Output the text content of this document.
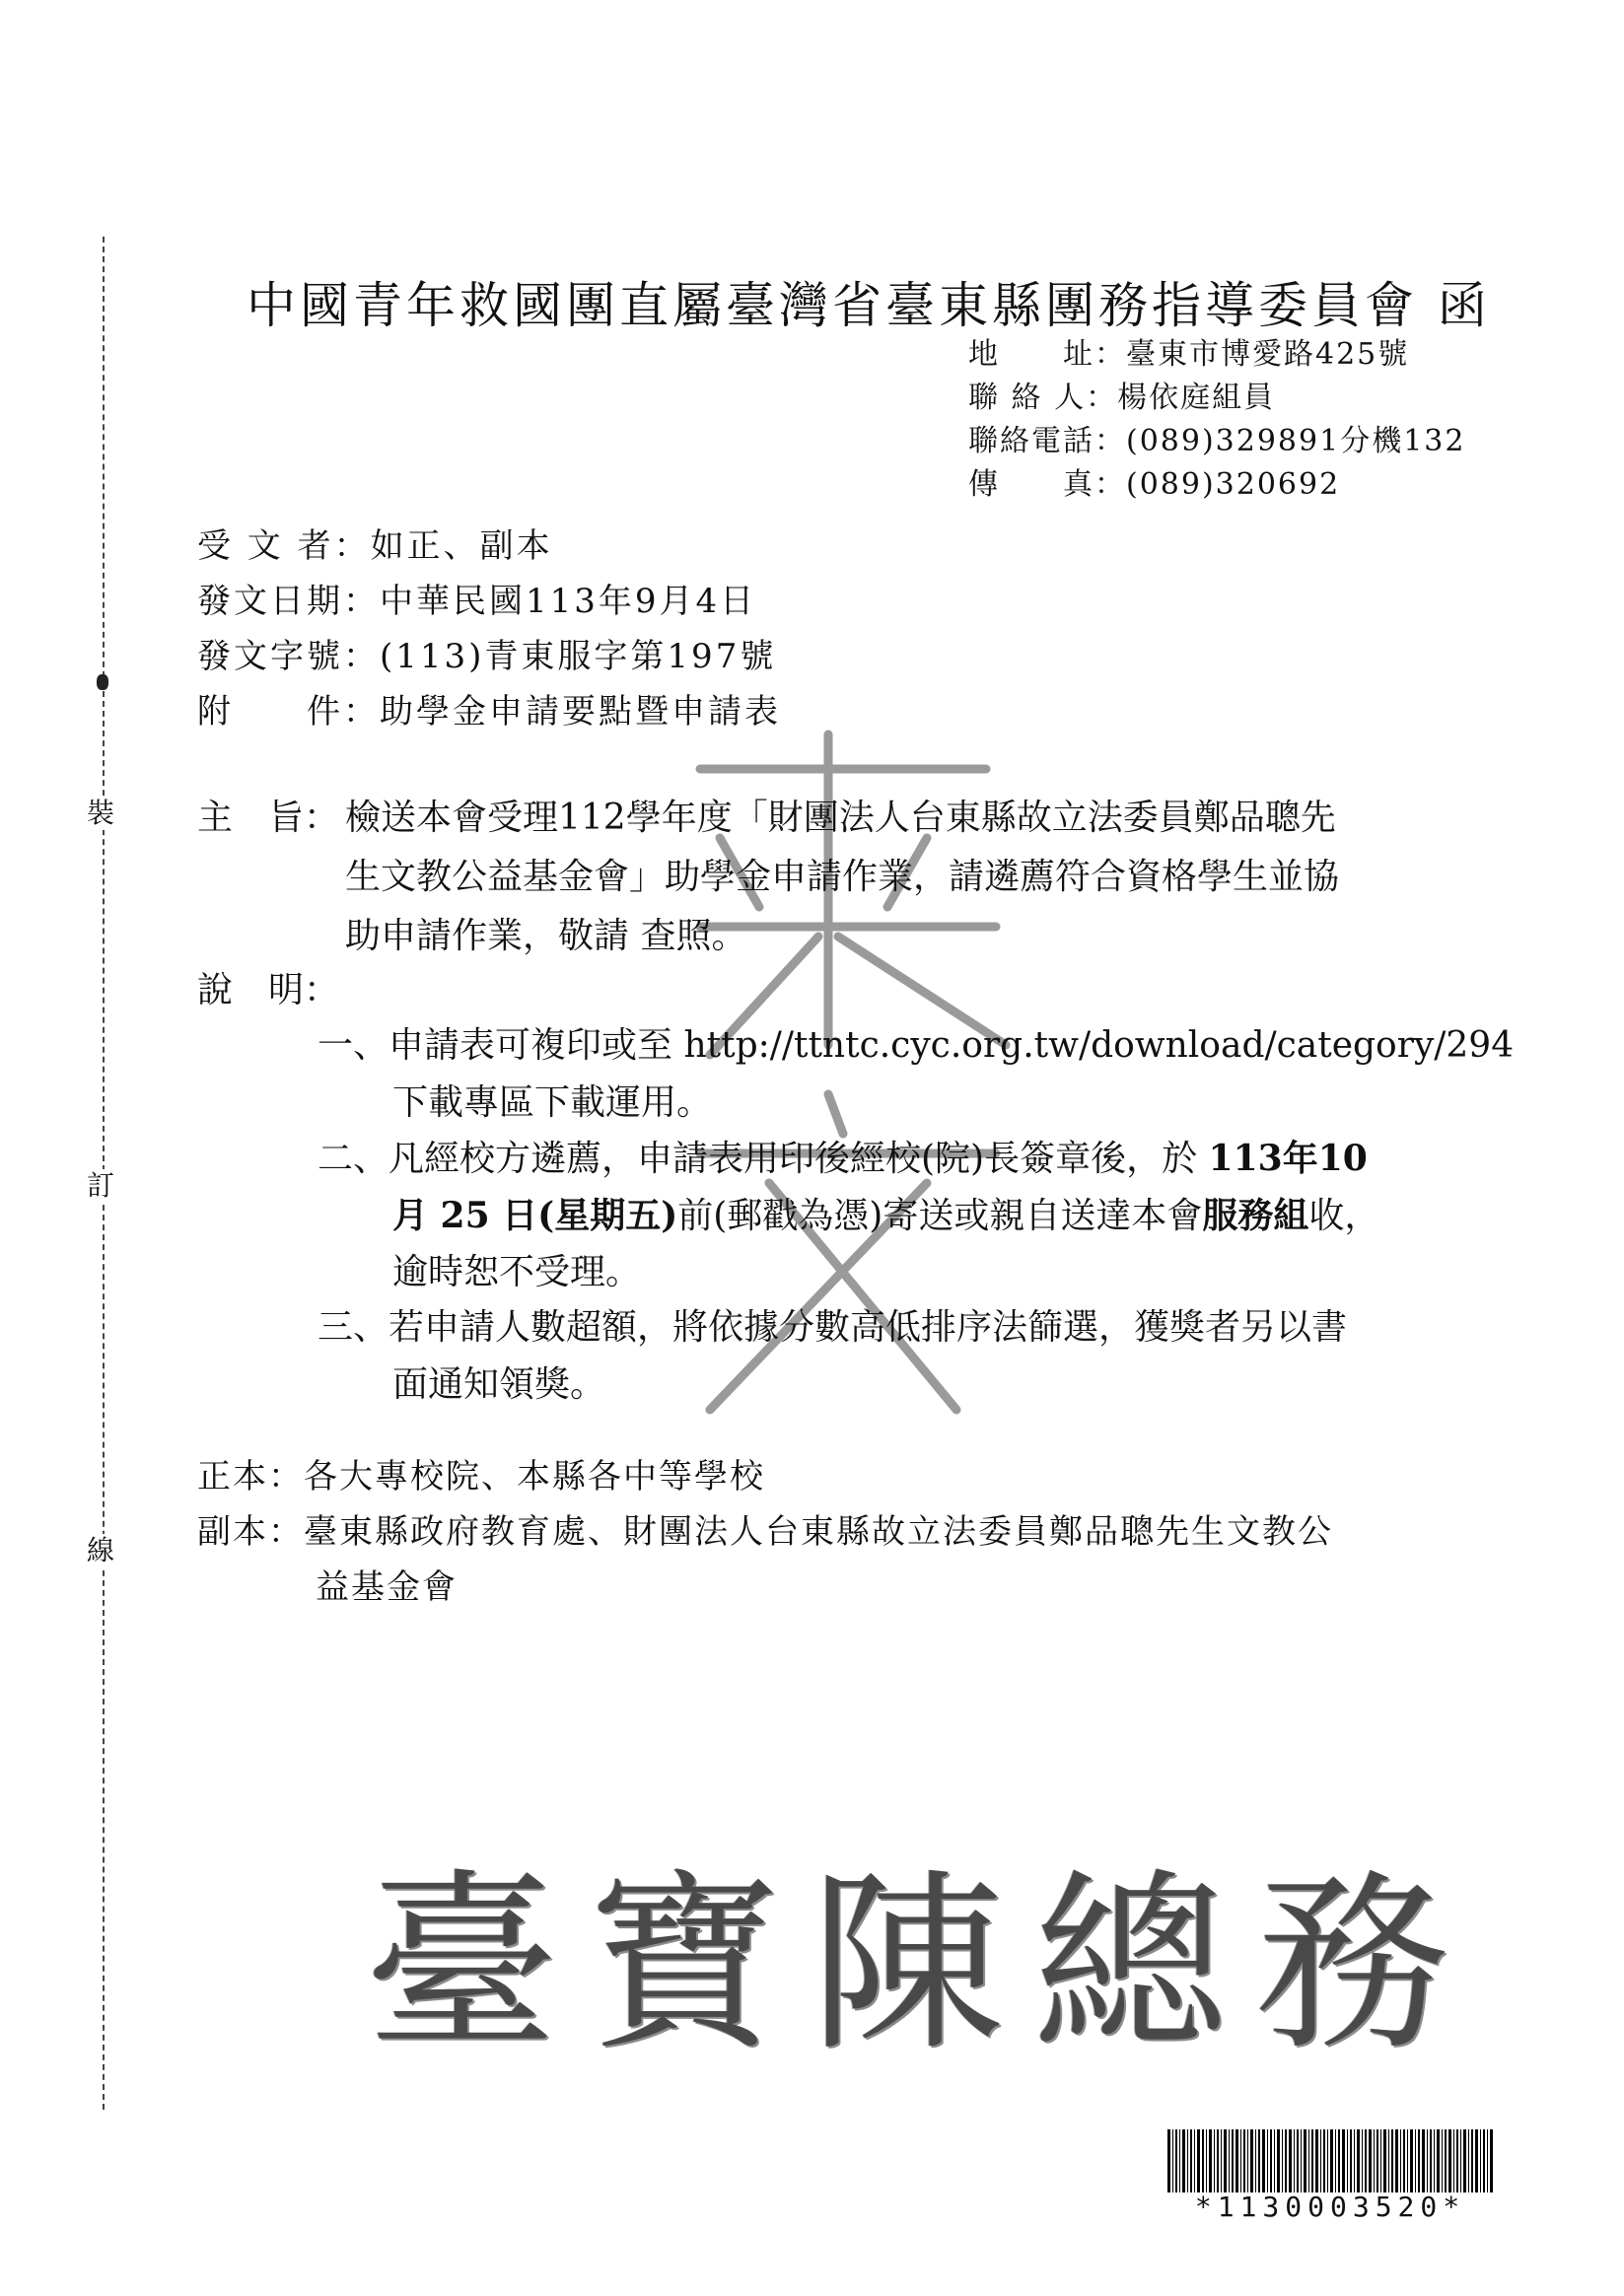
裝
訂
線
中國青年救國團直屬臺灣省臺東縣團務指導委員會 函
地　　址：臺東市博愛路425號
聯 絡 人：楊依庭組員
聯絡電話：(089)329891分機132
傳　　真：(089)320692
受 文 者：如正、副本
發文日期：中華民國113年9月4日
發文字號：(113)青東服字第197號
附　　件：助學金申請要點暨申請表
主　旨： 檢送本會受理112學年度「財團法人台東縣故立法委員鄭品聰先
生文教公益基金會」助學金申請作業，請遴薦符合資格學生並協
助申請作業，敬請 查照。
說　明：
一、申請表可複印或至 http://ttntc.cyc.org.tw/download/category/294
下載專區下載運用。
二、凡經校方遴薦，申請表用印後經校(院)長簽章後，於 113年10
月 25 日(星期五)前(郵戳為憑)寄送或親自送達本會服務組收，
逾時恕不受理。
三、若申請人數超額，將依據分數高低排序法篩選，獲獎者另以書
面通知領獎。
正本：各大專校院、本縣各中等學校
副本：臺東縣政府教育處、財團法人台東縣故立法委員鄭品聰先生文教公
益基金會
臺寶陳總務
*1130003520*
